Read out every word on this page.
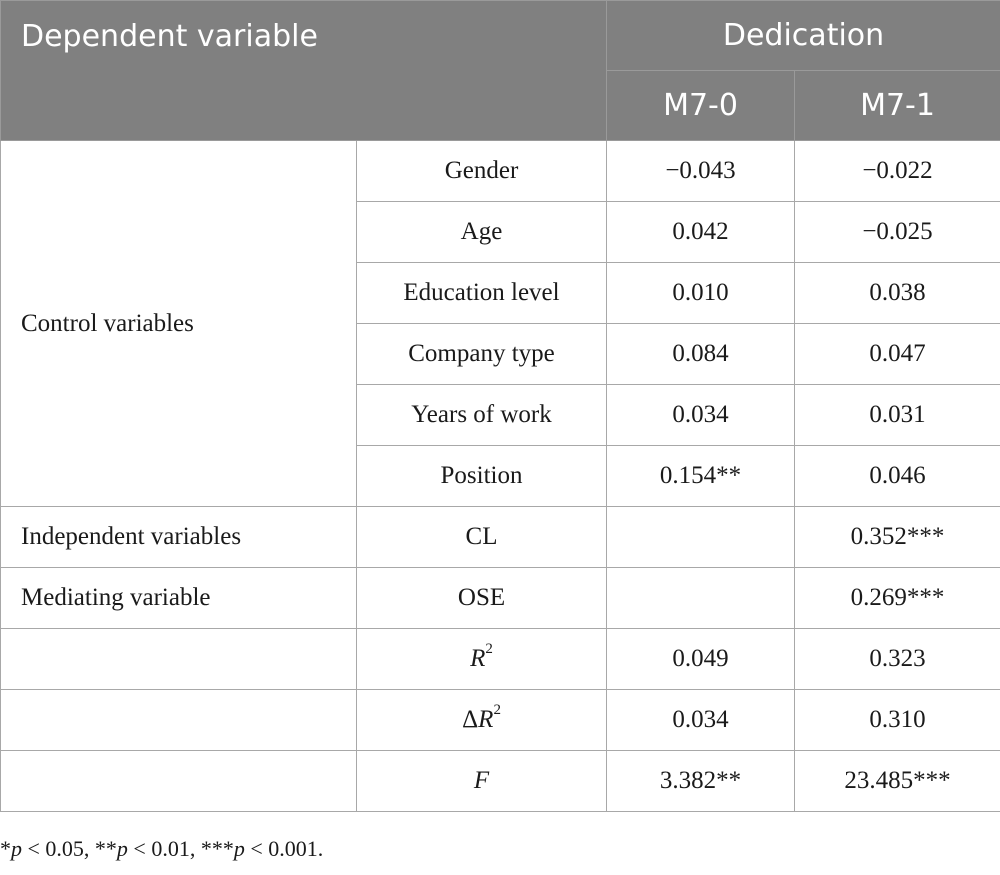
Dependent variable		Dedication	
		M7-0	M7-1
Control variables	Gender	−0.043	−0.022
	Age	0.042	−0.025
	Education level	0.010	0.038
	Company type	0.084	0.047
	Years of work	0.034	0.031
	Position	0.154**	0.046
Independent variables	CL		0.352***
Mediating variable	OSE		0.269***
	$R^2$	0.049	0.323
	$\Delta R^2$	0.034	0.310
	F	3.382**	23.485***
*p < 0.05, **p < 0.01, ***p < 0.001.
